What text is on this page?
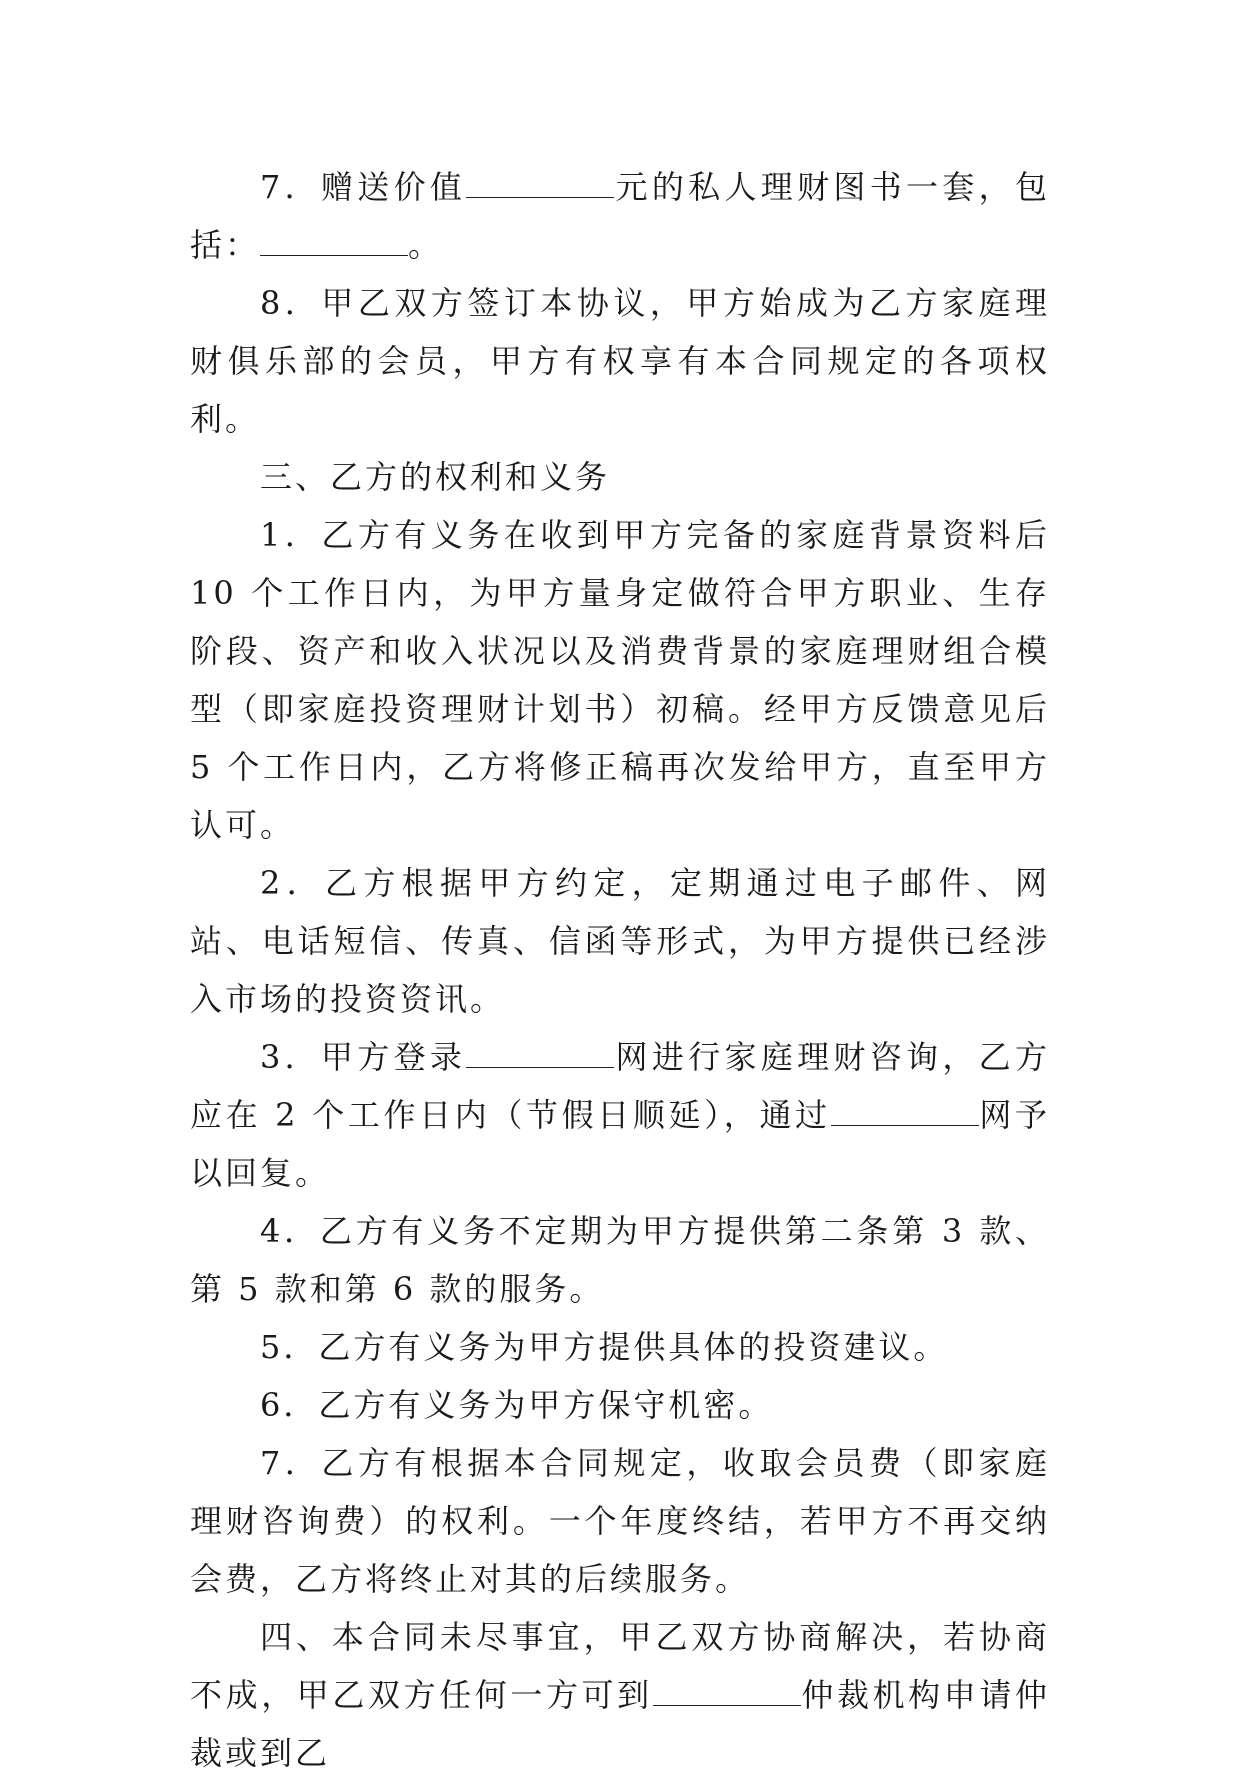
7．赠送价值	元的私人理财图书一套，包括：	。

8．甲乙双方签订本协议，甲方始成为乙方家庭理财俱乐部的会员，甲方有权享有本合同规定的各项权利。

三、乙方的权利和义务

1．乙方有义务在收到甲方完备的家庭背景资料后 10 个工作日内，为甲方量身定做符合甲方职业、生存阶段、资产和收入状况以及消费背景的家庭理财组合模型（即家庭投资理财计划书）初稿。经甲方反馈意见后 5 个工作日内，乙方将修正稿再次发给甲方，直至甲方认可。

2．乙方根据甲方约定，定期通过电子邮件、网站、电话短信、传真、信函等形式，为甲方提供已经涉入市场的投资资讯。

3．甲方登录	网进行家庭理财咨询，乙方应在 2 个工作日内（节假日顺延），通过	网予以回复。

4．乙方有义务不定期为甲方提供第二条第 3 款、第 5 款和第 6 款的服务。

5．乙方有义务为甲方提供具体的投资建议。

6．乙方有义务为甲方保守机密。

7．乙方有根据本合同规定，收取会员费（即家庭理财咨询费）的权利。一个年度终结，若甲方不再交纳会费，乙方将终止对其的后续服务。

四、本合同未尽事宜，甲乙双方协商解决，若协商不成，甲乙双方任何一方可到	仲裁机构申请仲裁或到乙
